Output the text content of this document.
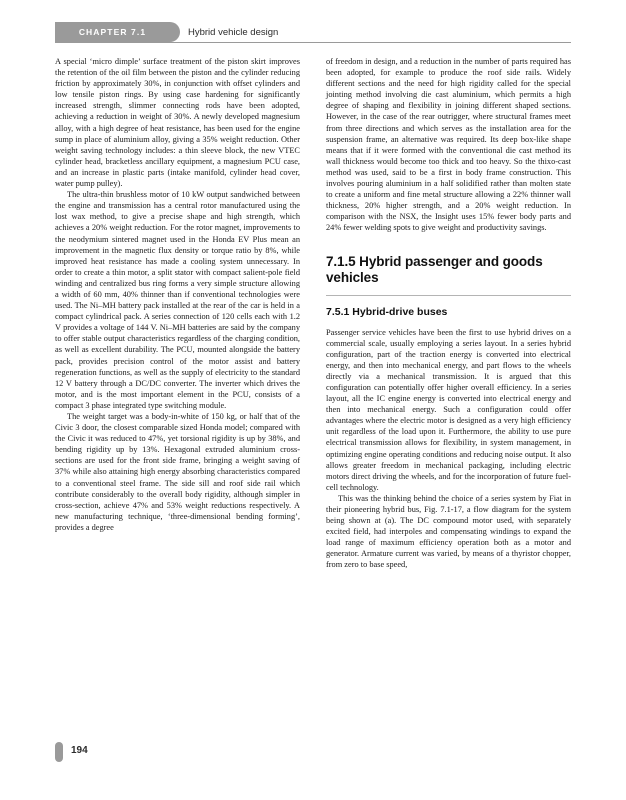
CHAPTER 7.1	Hybrid vehicle design

A special ‘micro dimple’ surface treatment of the piston skirt improves the retention of the oil film between the piston and the cylinder reducing friction by approximately 30%, in conjunction with offset cylinders and low tensile piston rings. By using case hardening for significantly increased strength, slimmer connecting rods have been adopted, achieving a reduction in weight of 30%. A newly developed magnesium alloy, with a high degree of heat resistance, has been used for the engine sump in place of aluminium alloy, giving a 35% weight reduction. Other weight saving technology includes: a thin sleeve block, the new VTEC cylinder head, bracketless ancillary equipment, a magnesium PCU case, and an increase in plastic parts (intake manifold, cylinder head cover, water pump pulley).

The ultra-thin brushless motor of 10 kW output sandwiched between the engine and transmission has a central rotor manufactured using the lost wax method, to give a precise shape and high strength, which achieves a 20% weight reduction. For the rotor magnet, improvements to the neodymium sintered magnet used in the Honda EV Plus mean an improvement in the magnetic flux density or torque ratio by 8%, while improved heat resistance has made a cooling system unnecessary. In order to create a thin motor, a split stator with compact salient-pole field winding and centralized bus ring forms a very simple structure allowing a width of 60 mm, 40% thinner than if conventional technologies were used. The Ni–MH battery pack installed at the rear of the car is held in a compact cylindrical pack. A series connection of 120 cells each with 1.2 V provides a voltage of 144 V. Ni–MH batteries are said by the company to offer stable output characteristics regardless of the charging condition, as well as excellent durability. The PCU, mounted alongside the battery pack, provides precision control of the motor assist and battery regeneration functions, as well as the supply of electricity to the standard 12 V battery through a DC/DC converter. The inverter which drives the motor, and is the most important element in the PCU, consists of a compact 3 phase integrated type switching module.

The weight target was a body-in-white of 150 kg, or half that of the Civic 3 door, the closest comparable sized Honda model; compared with the Civic it was reduced to 47%, yet torsional rigidity is up by 38%, and bending rigidity up by 13%. Hexagonal extruded aluminium cross-sections are used for the front side frame, bringing a weight saving of 37% while also attaining high energy absorbing characteristics compared to a conventional steel frame. The side sill and roof side rail which contribute considerably to the overall body rigidity, although simpler in cross-section, achieve 47% and 53% weight reductions respectively. A new manufacturing technique, ‘three-dimensional bending forming’, provides a degree

of freedom in design, and a reduction in the number of parts required has been adopted, for example to produce the roof side rails. Widely different sections and the need for high rigidity called for the special jointing method involving die cast aluminium, which permits a high degree of shaping and flexibility in joining different shaped sections. However, in the case of the rear outrigger, where structural frames meet from three directions and which serves as the installation area for the suspension frame, an alternative was required. Its deep box-like shape means that if it were formed with the conventional die cast method its wall thickness would become too thick and too heavy. So the thixo-cast method was used, said to be a first in body frame construction. This involves pouring aluminium in a half solidified rather than molten state to create a uniform and fine metal structure allowing a 22% thinner wall thickness, 20% higher strength, and a 20% weight reduction. In comparison with the NSX, the Insight uses 15% fewer body parts and 24% fewer welding spots to give weight and productivity savings.

7.1.5 Hybrid passenger and goods vehicles
7.5.1 Hybrid-drive buses

Passenger service vehicles have been the first to use hybrid drives on a commercial scale, usually employing a series layout. In a series hybrid configuration, part of the traction energy is converted into electrical energy, and then into mechanical energy, and part flows to the wheels directly via a mechanical transmission. It is argued that this configuration can potentially offer higher overall efficiency. In a series layout, all the IC engine energy is converted into electrical energy and then into mechanical energy. Such a configuration could offer advantages where the electric motor is designed as a very high efficiency unit regardless of the load upon it. Furthermore, the ability to use pure electrical transmission allows for flexibility, in system management, in optimizing engine operating conditions and reducing noise output. It also allows greater freedom in mechanical packaging, including electric motors direct driving the wheels, and for the incorporation of future fuel-cell technology.

This was the thinking behind the choice of a series system by Fiat in their pioneering hybrid bus, Fig. 7.1-17, a flow diagram for the system being shown at (a). The DC compound motor used, with separately excited field, had interpoles and compensating windings to expand the load range of maximum efficiency operation both as a motor and generator. Armature current was varied, by means of a thyristor chopper, from zero to base speed,

194
